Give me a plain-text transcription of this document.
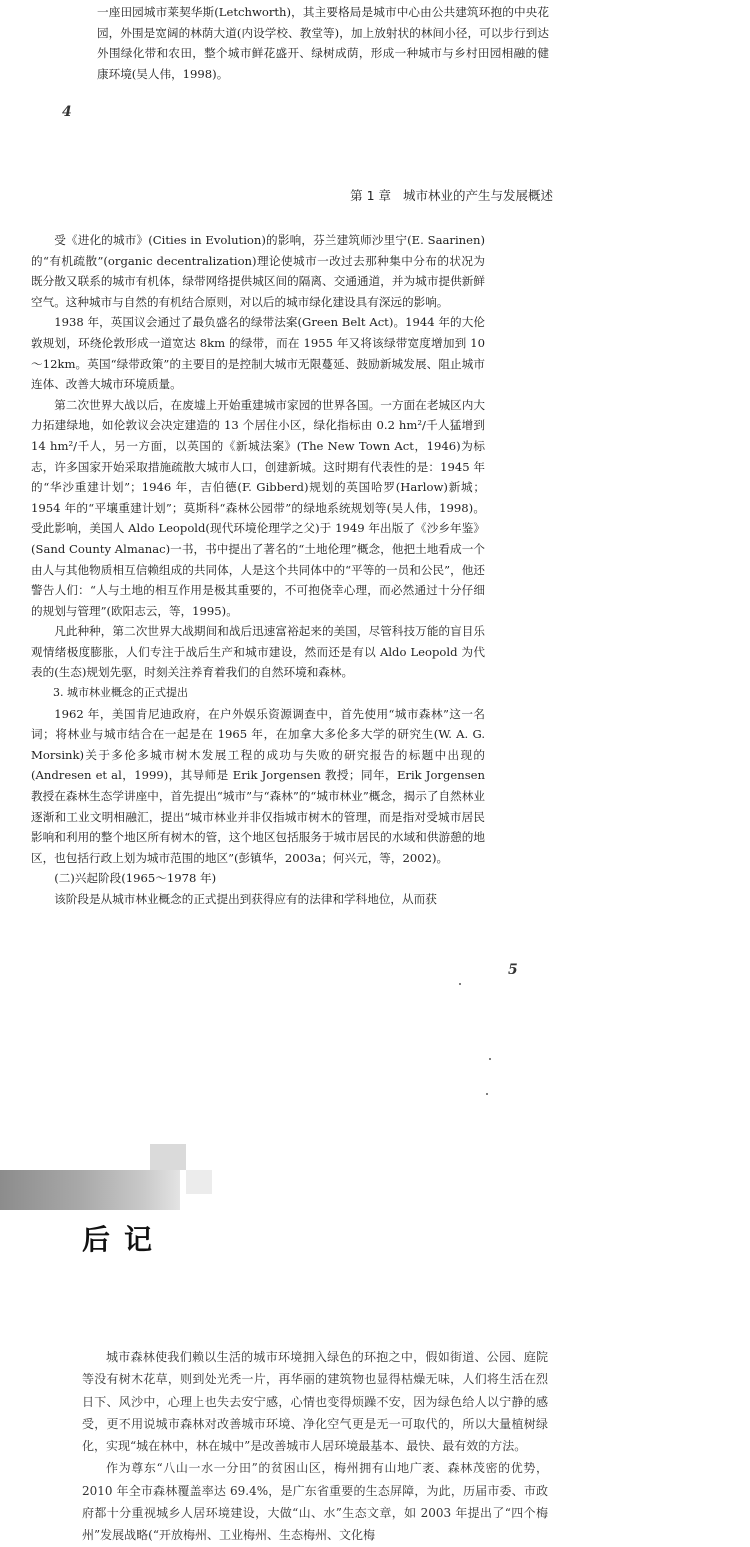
一座田园城市莱契华斯(Letchworth)，其主要格局是城市中心由公共建筑环抱的中央花园，外围是宽阔的林荫大道(内设学校、教堂等)，加上放射状的林间小径，可以步行到达外围绿化带和农田，整个城市鲜花盛开、绿树成荫，形成一种城市与乡村田园相融的健康环境(吴人伟，1998)。

4
第 1 章 城市林业的产生与发展概述

受《进化的城市》(Cities in Evolution)的影响，芬兰建筑师沙里宁(E. Saarinen)的“有机疏散”(organic decentralization)理论使城市一改过去那种集中分布的状况为既分散又联系的城市有机体，绿带网络提供城区间的隔离、交通通道，并为城市提供新鲜空气。这种城市与自然的有机结合原则，对以后的城市绿化建设具有深远的影响。

1938 年，英国议会通过了最负盛名的绿带法案(Green Belt Act)。1944 年的大伦敦规划，环绕伦敦形成一道宽达 8km 的绿带，而在 1955 年又将该绿带宽度增加到 10～12km。英国“绿带政策”的主要目的是控制大城市无限蔓延、鼓励新城发展、阻止城市连体、改善大城市环境质量。

第二次世界大战以后，在废墟上开始重建城市家园的世界各国。一方面在老城区内大力拓建绿地，如伦敦议会决定建造的 13 个居住小区，绿化指标由 0.2 hm²/千人猛增到 14 hm²/千人，另一方面，以英国的《新城法案》(The New Town Act，1946)为标志，许多国家开始采取措施疏散大城市人口，创建新城。这时期有代表性的是：1945 年的“华沙重建计划”；1946 年，吉伯德(F. Gibberd)规划的英国哈罗(Harlow)新城；1954 年的“平壤重建计划”；莫斯科“森林公园带”的绿地系统规划等(吴人伟，1998)。受此影响，美国人 Aldo Leopold(现代环境伦理学之父)于 1949 年出版了《沙乡年鉴》(Sand County Almanac)一书，书中提出了著名的“土地伦理”概念，他把土地看成一个由人与其他物质相互信赖组成的共同体，人是这个共同体中的“平等的一员和公民”，他还警告人们：“人与土地的相互作用是极其重要的，不可抱侥幸心理，而必然通过十分仔细的规划与管理”(欧阳志云，等，1995)。

凡此种种，第二次世界大战期间和战后迅速富裕起来的美国，尽管科技万能的盲目乐观情绪极度膨胀，人们专注于战后生产和城市建设，然而还是有以 Aldo Leopold 为代表的(生态)规划先驱，时刻关注养育着我们的自然环境和森林。

3. 城市林业概念的正式提出

1962 年，美国肯尼迪政府，在户外娱乐资源调查中，首先使用“城市森林”这一名词；将林业与城市结合在一起是在 1965 年，在加拿大多伦多大学的研究生(W. A. G. Morsink)关于多伦多城市树木发展工程的成功与失败的研究报告的标题中出现的(Andresen et al，1999)，其导师是 Erik Jorgensen 教授；同年，Erik Jorgensen 教授在森林生态学讲座中，首先提出“城市”与“森林”的“城市林业”概念，揭示了自然林业逐渐和工业文明相融汇，提出“城市林业并非仅指城市树木的管理，而是指对受城市居民影响和利用的整个地区所有树木的管，这个地区包括服务于城市居民的水域和供游憩的地区，也包括行政上划为城市范围的地区”(彭镇华，2003a；何兴元，等，2002)。

(二)兴起阶段(1965～1978 年)

该阶段是从城市林业概念的正式提出到获得应有的法律和学科地位，从而获

5
后记

城市森林使我们赖以生活的城市环境拥入绿色的环抱之中，假如街道、公园、庭院等没有树木花草，则到处光秃一片，再华丽的建筑物也显得枯燥无味，人们将生活在烈日下、风沙中，心理上也失去安宁感，心情也变得烦躁不安，因为绿色给人以宁静的感受，更不用说城市森林对改善城市环境、净化空气更是无一可取代的，所以大量植树绿化，实现“城在林中，林在城中”是改善城市人居环境最基本、最快、最有效的方法。

作为尊东“八山一水一分田”的贫困山区，梅州拥有山地广袤、森林茂密的优势，2010 年全市森林覆盖率达 69.4%，是广东省重要的生态屏障，为此，历届市委、市政府都十分重视城乡人居环境建设，大做“山、水”生态文章，如 2003 年提出了“四个梅州”发展战略(“开放梅州、工业梅州、生态梅州、文化梅
